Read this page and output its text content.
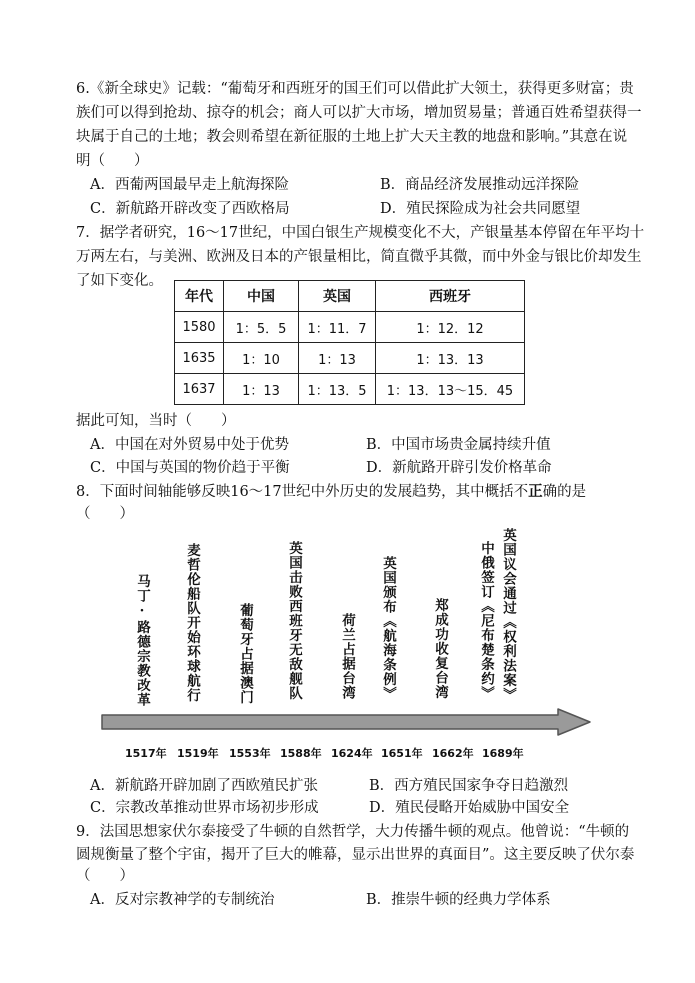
6.《新全球史》记载：“葡萄牙和西班牙的国王们可以借此扩大领土，获得更多财富；贵
族们可以得到抢劫、掠夺的机会；商人可以扩大市场，增加贸易量；普通百姓希望获得一
块属于自己的土地；教会则希望在新征服的土地上扩大天主教的地盘和影响。”其意在说
明（　　）
A．西葡两国最早走上航海探险	B．商品经济发展推动远洋探险
C．新航路开辟改变了西欧格局	D．殖民探险成为社会共同愿望
7．据学者研究，16～17世纪，中国白银生产规模变化不大，产银量基本停留在年平均十
万两左右，与美洲、欧洲及日本的产银量相比，简直微乎其微，而中外金与银比价却发生
了如下变化。
年代	中国	英国	西班牙
1580	1：5．5	1：11．7	1：12．12
1635	1：10	1：13	1：13．13
1637	1：13	1：13．5	1：13．13～15．45
据此可知，当时（　　）
A．中国在对外贸易中处于优势	B．中国市场贵金属持续升值
C．中国与英国的物价趋于平衡	D．新航路开辟引发价格革命
8．下面时间轴能够反映16～17世纪中外历史的发展趋势，其中概括不正确的是
（　　）
马丁·路德宗教改革	麦哲伦船队开始环球航行	葡萄牙占据澳门 英国击败西班牙无敌舰队	荷兰占据台湾 英国颁布《航海条例》	郑成功收复台湾 中俄签订《尼布楚条约》 英国议会通过《权利法案》
1517年 1519年 1553年 1588年 1624年 1651年 1662年 1689年
A．新航路开辟加剧了西欧殖民扩张	B．西方殖民国家争夺日趋激烈
C．宗教改革推动世界市场初步形成	D．殖民侵略开始威胁中国安全
9．法国思想家伏尔泰接受了牛顿的自然哲学，大力传播牛顿的观点。他曾说：“牛顿的
圆规衡量了整个宇宙，揭开了巨大的帷幕，显示出世界的真面目”。这主要反映了伏尔泰
（　　）
A．反对宗教神学的专制统治	B．推崇牛顿的经典力学体系
